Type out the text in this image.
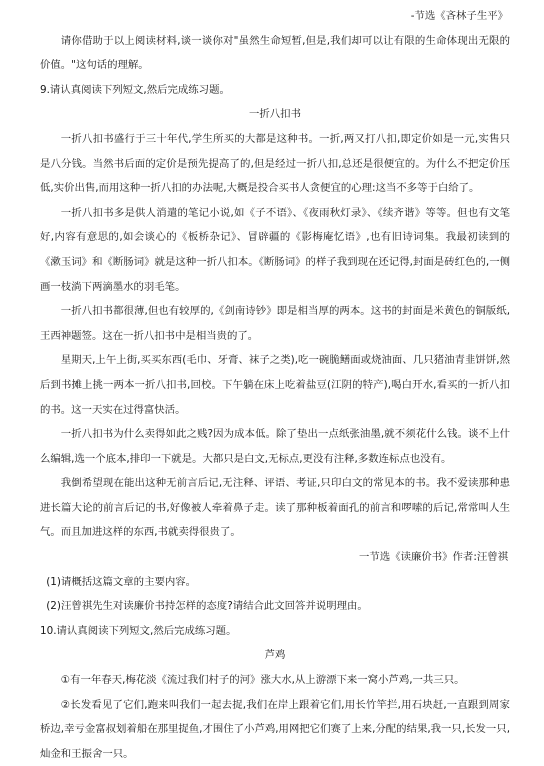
-节选《吝林子生平》

请你借助于以上阅读材料,谈一谈你对"虽然生命短暂,但是,我们却可以让有限的生命体现出无限的价值。"这句话的理解。

9.请认真阅读下列短文,然后完成练习题。

一折八扣书

一折八扣书盛行于三十年代,学生所买的大都是这种书。一折,两又打八扣,即定价如是一元,实售只是八分钱。当然书后面的定价是预先提高了的,但是经过一折八扣,总还是很便宜的。为什么不把定价压低,实价出售,而用这种一折八扣的办法呢,大概是投合买书人贪便宜的心理:这当不多等于白给了。

一折八扣书多是供人消遣的笔记小说,如《子不语》、《夜雨秋灯录》、《续齐谐》等等。但也有文笔好,内容有意思的,如会谈心的《板桥杂记》、冒辟疆的《影梅庵忆语》,也有旧诗词集。我最初读到的《漱玉词》和《断肠词》就是这种一折八扣本。《断肠词》的样子我到现在还记得,封面是砖红色的,一侧画一枝淌下两滴墨水的羽毛笔。

一折八扣书都很薄,但也有较厚的,《剑南诗钞》即是相当厚的两本。这书的封面是米黄色的铜版纸,王西神题签。这在一折八扣书中是相当贵的了。

星期天,上午上街,买买东西(毛巾、牙膏、袜子之类),吃一碗脆鳝面或烧油面、几只猪油青韭饼饼,然后到书摊上挑一两本一折八扣书,回校。下午躺在床上吃着盐豆(江阴的特产),喝白开水,看买的一折八扣的书。这一天实在过得富快活。

一折八扣书为什么卖得如此之贱?因为成本低。除了垫出一点纸张油墨,就不须花什么钱。谈不上什么编辑,选一个底本,排印一下就是。大都只是白文,无标点,更没有注释,多数连标点也没有。

我倒希望现在能出这种无前言后记,无注释、评语、考证,只印白文的常见本的书。我不爱读那种患进长篇大论的前言后记的书,好像被人牵着鼻子走。读了那种板着面孔的前言和啰嗦的后记,常常叫人生气。而且加进这样的东西,书就卖得很贵了。

一节选《读廉价书》作者:汪曾祺

(1)请概括这篇文章的主要内容。

(2)汪曾祺先生对读廉价书持怎样的态度?请结合此文回答并说明理由。

10.请认真阅读下列短文,然后完成练习题。

芦鸡

①有一年春天,梅花淡《流过我们村子的河》涨大水,从上游漂下来一窝小芦鸡,一共三只。

②长发看见了它们,跑来叫我们一起去捉,我们在岸上跟着它们,用长竹竿拦,用石块赶,一直跟到周家桥边,幸亏金富叔划着船在那里捉鱼,才围住了小芦鸡,用网把它们赛了上来,分配的结果,我一只,长发一只,灿金和王振舍一只。
